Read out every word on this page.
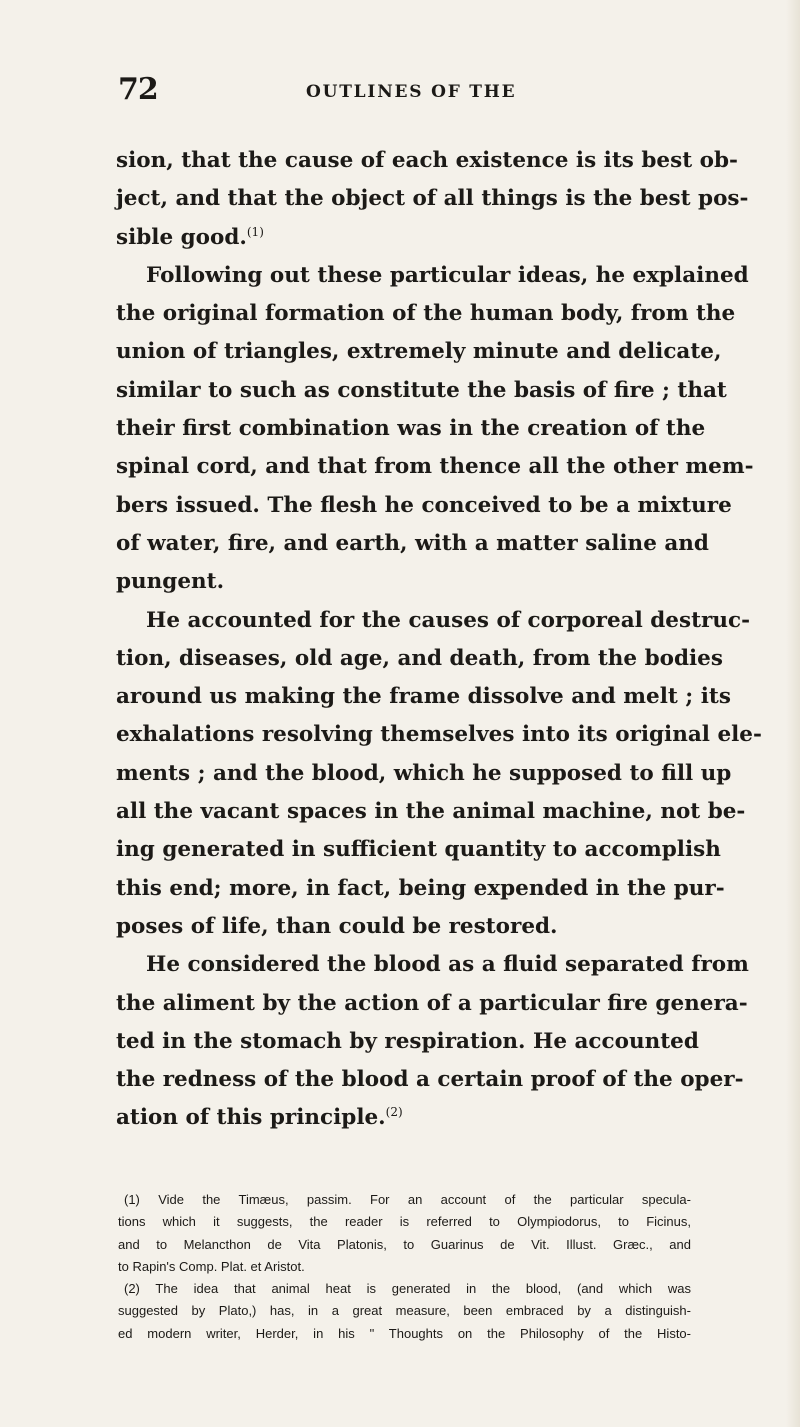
72	OUTLINES OF THE
sion, that the cause of each existence is its best ob-
ject, and that the object of all things is the best pos-
sible good.$^{(1)}$
Following out these particular ideas, he explained
the original formation of the human body, from the
union of triangles, extremely minute and delicate,
similar to such as constitute the basis of fire ; that
their first combination was in the creation of the
spinal cord, and that from thence all the other mem-
bers issued. The flesh he conceived to be a mixture
of water, fire, and earth, with a matter saline and
pungent.
He accounted for the causes of corporeal destruc-
tion, diseases, old age, and death, from the bodies
around us making the frame dissolve and melt ; its
exhalations resolving themselves into its original ele-
ments ; and the blood, which he supposed to fill up
all the vacant spaces in the animal machine, not be-
ing generated in sufficient quantity to accomplish
this end; more, in fact, being expended in the pur-
poses of life, than could be restored.
He considered the blood as a fluid separated from
the aliment by the action of a particular fire genera-
ted in the stomach by respiration. He accounted
the redness of the blood a certain proof of the oper-
ation of this principle.$^{(2)}$
(1) Vide the Timæus, passim. For an account of the particular specula-
tions which it suggests, the reader is referred to Olympiodorus, to Ficinus,
and to Melancthon de Vita Platonis, to Guarinus de Vit. Illust. Græc., and
to Rapin's Comp. Plat. et Aristot.
(2) The idea that animal heat is generated in the blood, (and which was
suggested by Plato,) has, in a great measure, been embraced by a distinguish-
ed modern writer, Herder, in his " Thoughts on the Philosophy of the Histo-
